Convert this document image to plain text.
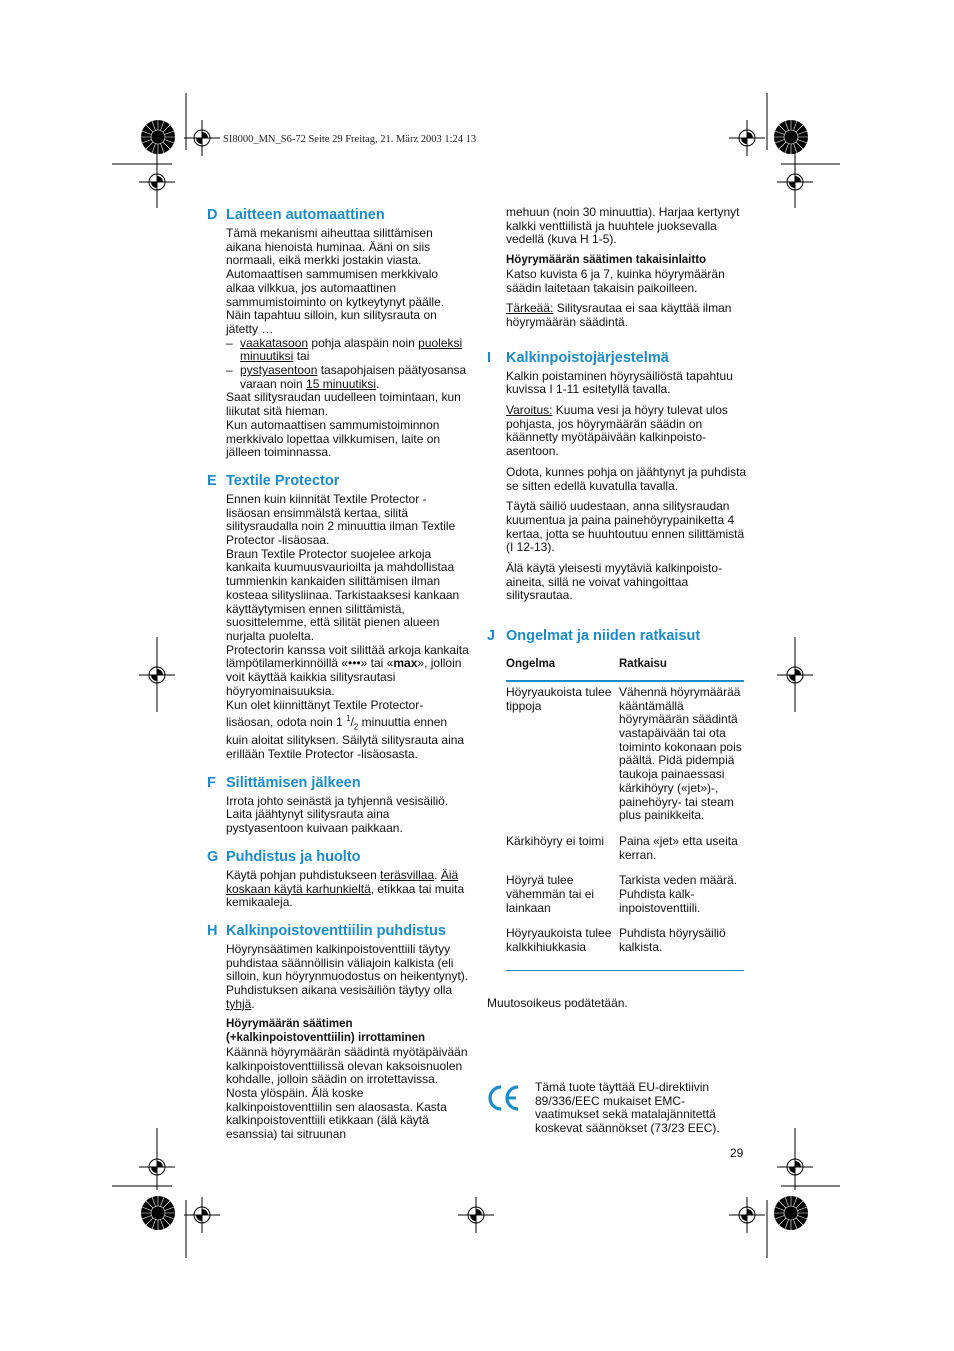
SI8000_MN_S6-72 Seite 29 Freitag, 21. März 2003 1:24 13
D Laitteen automaattinen

Tämä mekanismi aiheuttaa silittämisen aikana hienoista huminaa. Ääni on siis normaali, eikä merkki jostakin viasta. Automaattisen sammumisen merkkivalo alkaa vilkkua, jos automaattinen sammumistoiminto on kytkeytynyt päälle. Näin tapahtuu silloin, kun silitysrauta on jätetty …

– vaakatasoon pohja alaspäin noin puoleksi minuutiksi tai
– pystyasentoon tasapohjaisen päätyosansa varaan noin 15 minuutiksi.

Saat silitysraudan uudelleen toimintaan, kun liikutat sitä hieman.

Kun automaattisen sammumistoiminnon merkkivalo lopettaa vilkkumisen, laite on jälleen toiminnassa.

E Textile Protector

Ennen kuin kiinnität Textile Protector -lisäosan ensimmälstä kertaa, silitä silitysraudalla noin 2 minuuttia ilman Textile Protector -lisäosaa.

Braun Textile Protector suojelee arkoja kankaita kuumuusvaurioilta ja mahdollistaa tummienkin kankaiden silittämisen ilman kosteaa silitysliinaa. Tarkistaaksesi kankaan käyttäytymisen ennen silittämistä, suosittelemme, että silität pienen alueen nurjalta puolelta.

Protectorin kanssa voit silittää arkoja kankaita lämpötilamerkinnöillä «•••» tai «max», jolloin voit käyttää kaikkia silitysrautasi höyryominaisuuksia.

Kun olet kiinnittänyt Textile Protector-lisäosan, odota noin 1 $^1/_2$ minuuttia ennen kuin aloitat silityksen. Säilytä silitysrauta aina erillään Textile Protector -lisäosasta.

F Silittämisen jälkeen

Irrota johto seinästä ja tyhjennä vesisäiliö. Laita jäähtynyt silitysrauta aina pystyasentoon kuivaan paikkaan.

G Puhdistus ja huolto

Käytä pohjan puhdistukseen teräsvillaa. Äiä koskaan käytä karhunkieltä, etikkaa tai muita kemikaaleja.

H Kalkinpoistoventtiilin puhdistus

Höyrynsäätimen kalkinpoistoventtiili täytyy puhdistaa säännöllisin väliajoin kalkista (eli silloin, kun höyrynmuodostus on heikentynyt). Puhdistuksen aikana vesisäiliön täytyy olla tyhjä.

Höyrymäärän säätimen (+kalkinpoistoventtiilin) irrottaminen

Käännä höyrymäärän säädintä myötäpäivään kalkinpoistoventtiilissä olevan kaksoisnuolen kohdalle, jolloin säädin on irrotettavissa. Nosta ylöspäin. Älä koske kalkinpoistoventtiilin sen alaosasta. Kasta kalkinpoistoventtiili etikkaan (älä käytä esanssia) tai sitruunan

mehuun (noin 30 minuuttia). Harjaa kertynyt kalkki venttiilistä ja huuhtele juoksevalla vedellä (kuva H 1-5).

Höyrymäärän säätimen takaisinlaitto

Katso kuvista 6 ja 7, kuinka höyrymäärän säädin laitetaan takaisin paikoilleen.

Tärkeää: Silitysrautaa ei saa käyttää ilman höyrymäärän säädintä.

I Kalkinpoistojärjestelmä

Kalkin poistaminen höyrysäiliöstä tapahtuu kuvissa I 1-11 esitetyllä tavalla.

Varoitus: Kuuma vesi ja höyry tulevat ulos pohjasta, jos höyrymäärän säädin on käännetty myötäpäivään kalkinpoisto-asentoon.

Odota, kunnes pohja on jäähtynyt ja puhdista se sitten edellä kuvatulla tavalla.

Täytä säiliö uudestaan, anna silitysraudan kuumentua ja paina painehöyrypainiketta 4 kertaa, jotta se huuhtoutuu ennen silittämistä (I 12-13).

Älä käytä yleisesti myytäviä kalkinpoisto-aineita, sillä ne voivat vahingoittaa silitysrautaa.

J Ongelmat ja niiden ratkaisut
Ongelma	Ratkaisu
Höyryaukoista tulee tippoja
Vähennä höyrymäärää kääntämällä höyrymäärän säädintä vastapäivään tai ota toiminto kokonaan pois päältä. Pidä pidempiä taukoja painaessasi kärkihöyry («jet»)-, painehöyry- tai steam plus painikkeita.
Kärkihöyry ei toimi	Paina «jet» etta useita kerran.
Höyryä tulee vähemmän tai ei lainkaan
Tarkista veden määrä. Puhdista kalk-inpoistoventtiili.
Höyryaukoista tulee kalkkihiukkasia
Puhdista höyrysäiliö kalkista.

Muutosoikeus podätetään.

Tämä tuote täyttää EU-direktiivin 89/336/EEC mukaiset EMC-vaatimukset sekä matalajännitettä koskevat säännökset (73/23 EEC).
29
